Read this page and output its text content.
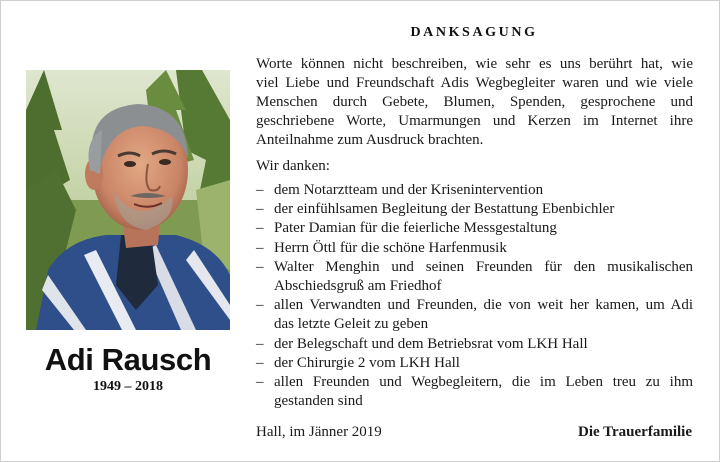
Adi Rausch
1949 – 2018
DANKSAGUNG
Worte können nicht beschreiben, wie sehr es uns berührt hat, wie
viel Liebe und Freundschaft Adis Wegbegleiter waren und wie viele
Menschen durch Gebete, Blumen, Spenden, gesprochene und
geschriebene Worte, Umarmungen und Kerzen im Internet ihre
Anteilnahme zum Ausdruck brachten.
Wir danken:
– dem Notarztteam und der Krisenintervention
– der einfühlsamen Begleitung der Bestattung Ebenbichler
– Pater Damian für die feierliche Messgestaltung
– Herrn Öttl für die schöne Harfenmusik
– Walter Menghin und seinen Freunden für den musikalischen
Abschiedsgruß am Friedhof
– allen Verwandten und Freunden, die von weit her kamen, um Adi
das letzte Geleit zu geben
– der Belegschaft und dem Betriebsrat vom LKH Hall
– der Chirurgie 2 vom LKH Hall
– allen Freunden und Wegbegleitern, die im Leben treu zu ihm
gestanden sind
Hall, im Jänner 2019	Die Trauerfamilie
